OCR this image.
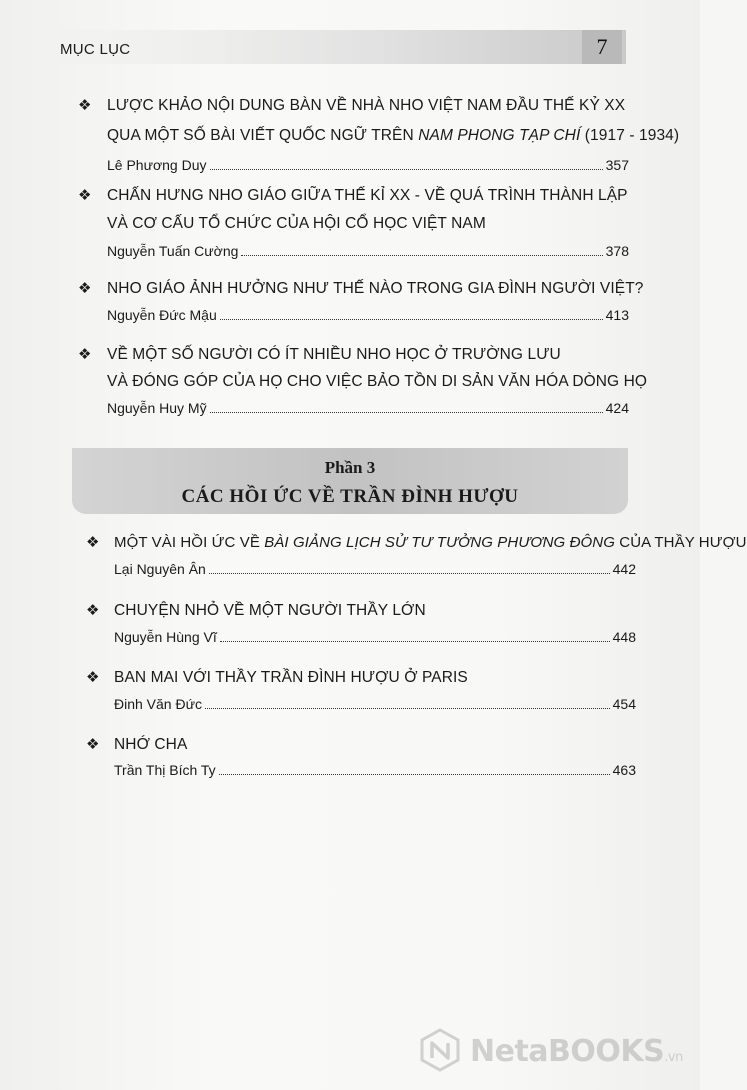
MỤC LỤC	7
❖ LƯỢC KHẢO NỘI DUNG BÀN VỀ NHÀ NHO VIỆT NAM ĐẦU THẾ KỶ XX
QUA MỘT SỐ BÀI VIẾT QUỐC NGỮ TRÊN NAM PHONG TẠP CHÍ (1917 - 1934)
Lê Phương Duy	357
❖ CHẤN HƯNG NHO GIÁO GIỮA THẾ KỈ XX - VỀ QUÁ TRÌNH THÀNH LẬP
VÀ CƠ CẤU TỔ CHỨC CỦA HỘI CỔ HỌC VIỆT NAM
Nguyễn Tuấn Cường	378
❖ NHO GIÁO ẢNH HƯỞNG NHƯ THẾ NÀO TRONG GIA ĐÌNH NGƯỜI VIỆT?
Nguyễn Đức Mậu	413
❖ VỀ MỘT SỐ NGƯỜI CÓ ÍT NHIỀU NHO HỌC Ở TRƯỜNG LƯU
VÀ ĐÓNG GÓP CỦA HỌ CHO VIỆC BẢO TỒN DI SẢN VĂN HÓA DÒNG HỌ
Nguyễn Huy Mỹ	424
Phần 3
CÁC HỒI ỨC VỀ TRẦN ĐÌNH HƯỢU
❖ MỘT VÀI HỒI ỨC VỀ BÀI GIẢNG LỊCH SỬ TƯ TƯỞNG PHƯƠNG ĐÔNG CỦA THẦY HƯỢU
Lại Nguyên Ân	442
❖ CHUYỆN NHỎ VỀ MỘT NGƯỜI THẦY LỚN
Nguyễn Hùng Vĩ	448
❖ BAN MAI VỚI THẦY TRẦN ĐÌNH HƯỢU Ở PARIS
Đinh Văn Đức	454
❖ NHỚ CHA
Trần Thị Bích Ty	463
NetaBOOKS.vn
